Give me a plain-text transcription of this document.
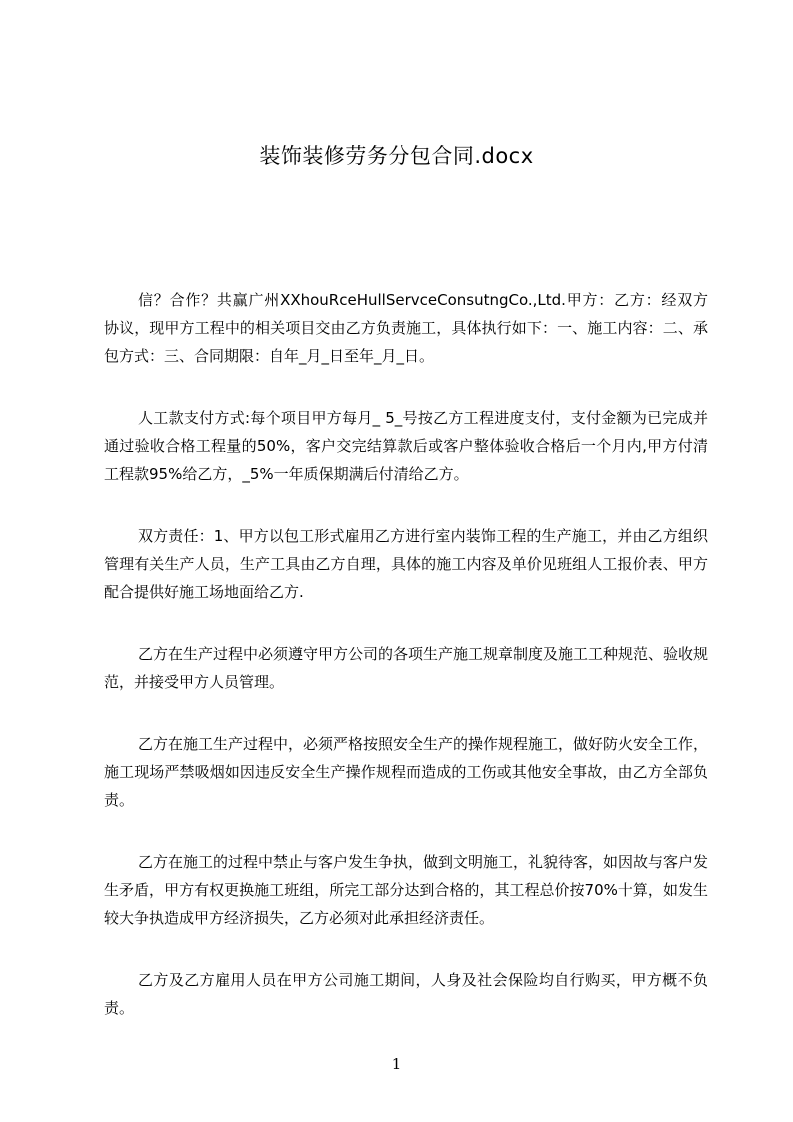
装饰装修劳务分包合同.docx

信？合作？共赢广州XXhouRceHullServceConsutngCo.,Ltd.甲方：乙方：经双方协议，现甲方工程中的相关项目交由乙方负责施工，具体执行如下：一、施工内容：二、承包方式：三、合同期限：自年_月_日至年_月_日。

人工款支付方式:每个项目甲方每月_ 5_号按乙方工程进度支付，支付金额为已完成并通过验收合格工程量的50%，客户交完结算款后或客户整体验收合格后一个月内,甲方付清工程款95%给乙方，_5%一年质保期满后付清给乙方。

双方责任：1、甲方以包工形式雇用乙方进行室内装饰工程的生产施工，并由乙方组织管理有关生产人员，生产工具由乙方自理，具体的施工内容及单价见班组人工报价表、甲方配合提供好施工场地面给乙方.

乙方在生产过程中必须遵守甲方公司的各项生产施工规章制度及施工工种规范、验收规范，并接受甲方人员管理。

乙方在施工生产过程中，必须严格按照安全生产的操作规程施工，做好防火安全工作，施工现场严禁吸烟如因违反安全生产操作规程而造成的工伤或其他安全事故，由乙方全部负责。

乙方在施工的过程中禁止与客户发生争执，做到文明施工，礼貌待客，如因故与客户发生矛盾，甲方有权更换施工班组，所完工部分达到合格的，其工程总价按70%十算，如发生较大争执造成甲方经济损失，乙方必须对此承担经济责任。

乙方及乙方雇用人员在甲方公司施工期间，人身及社会保险均自行购买，甲方概不负责。

1
